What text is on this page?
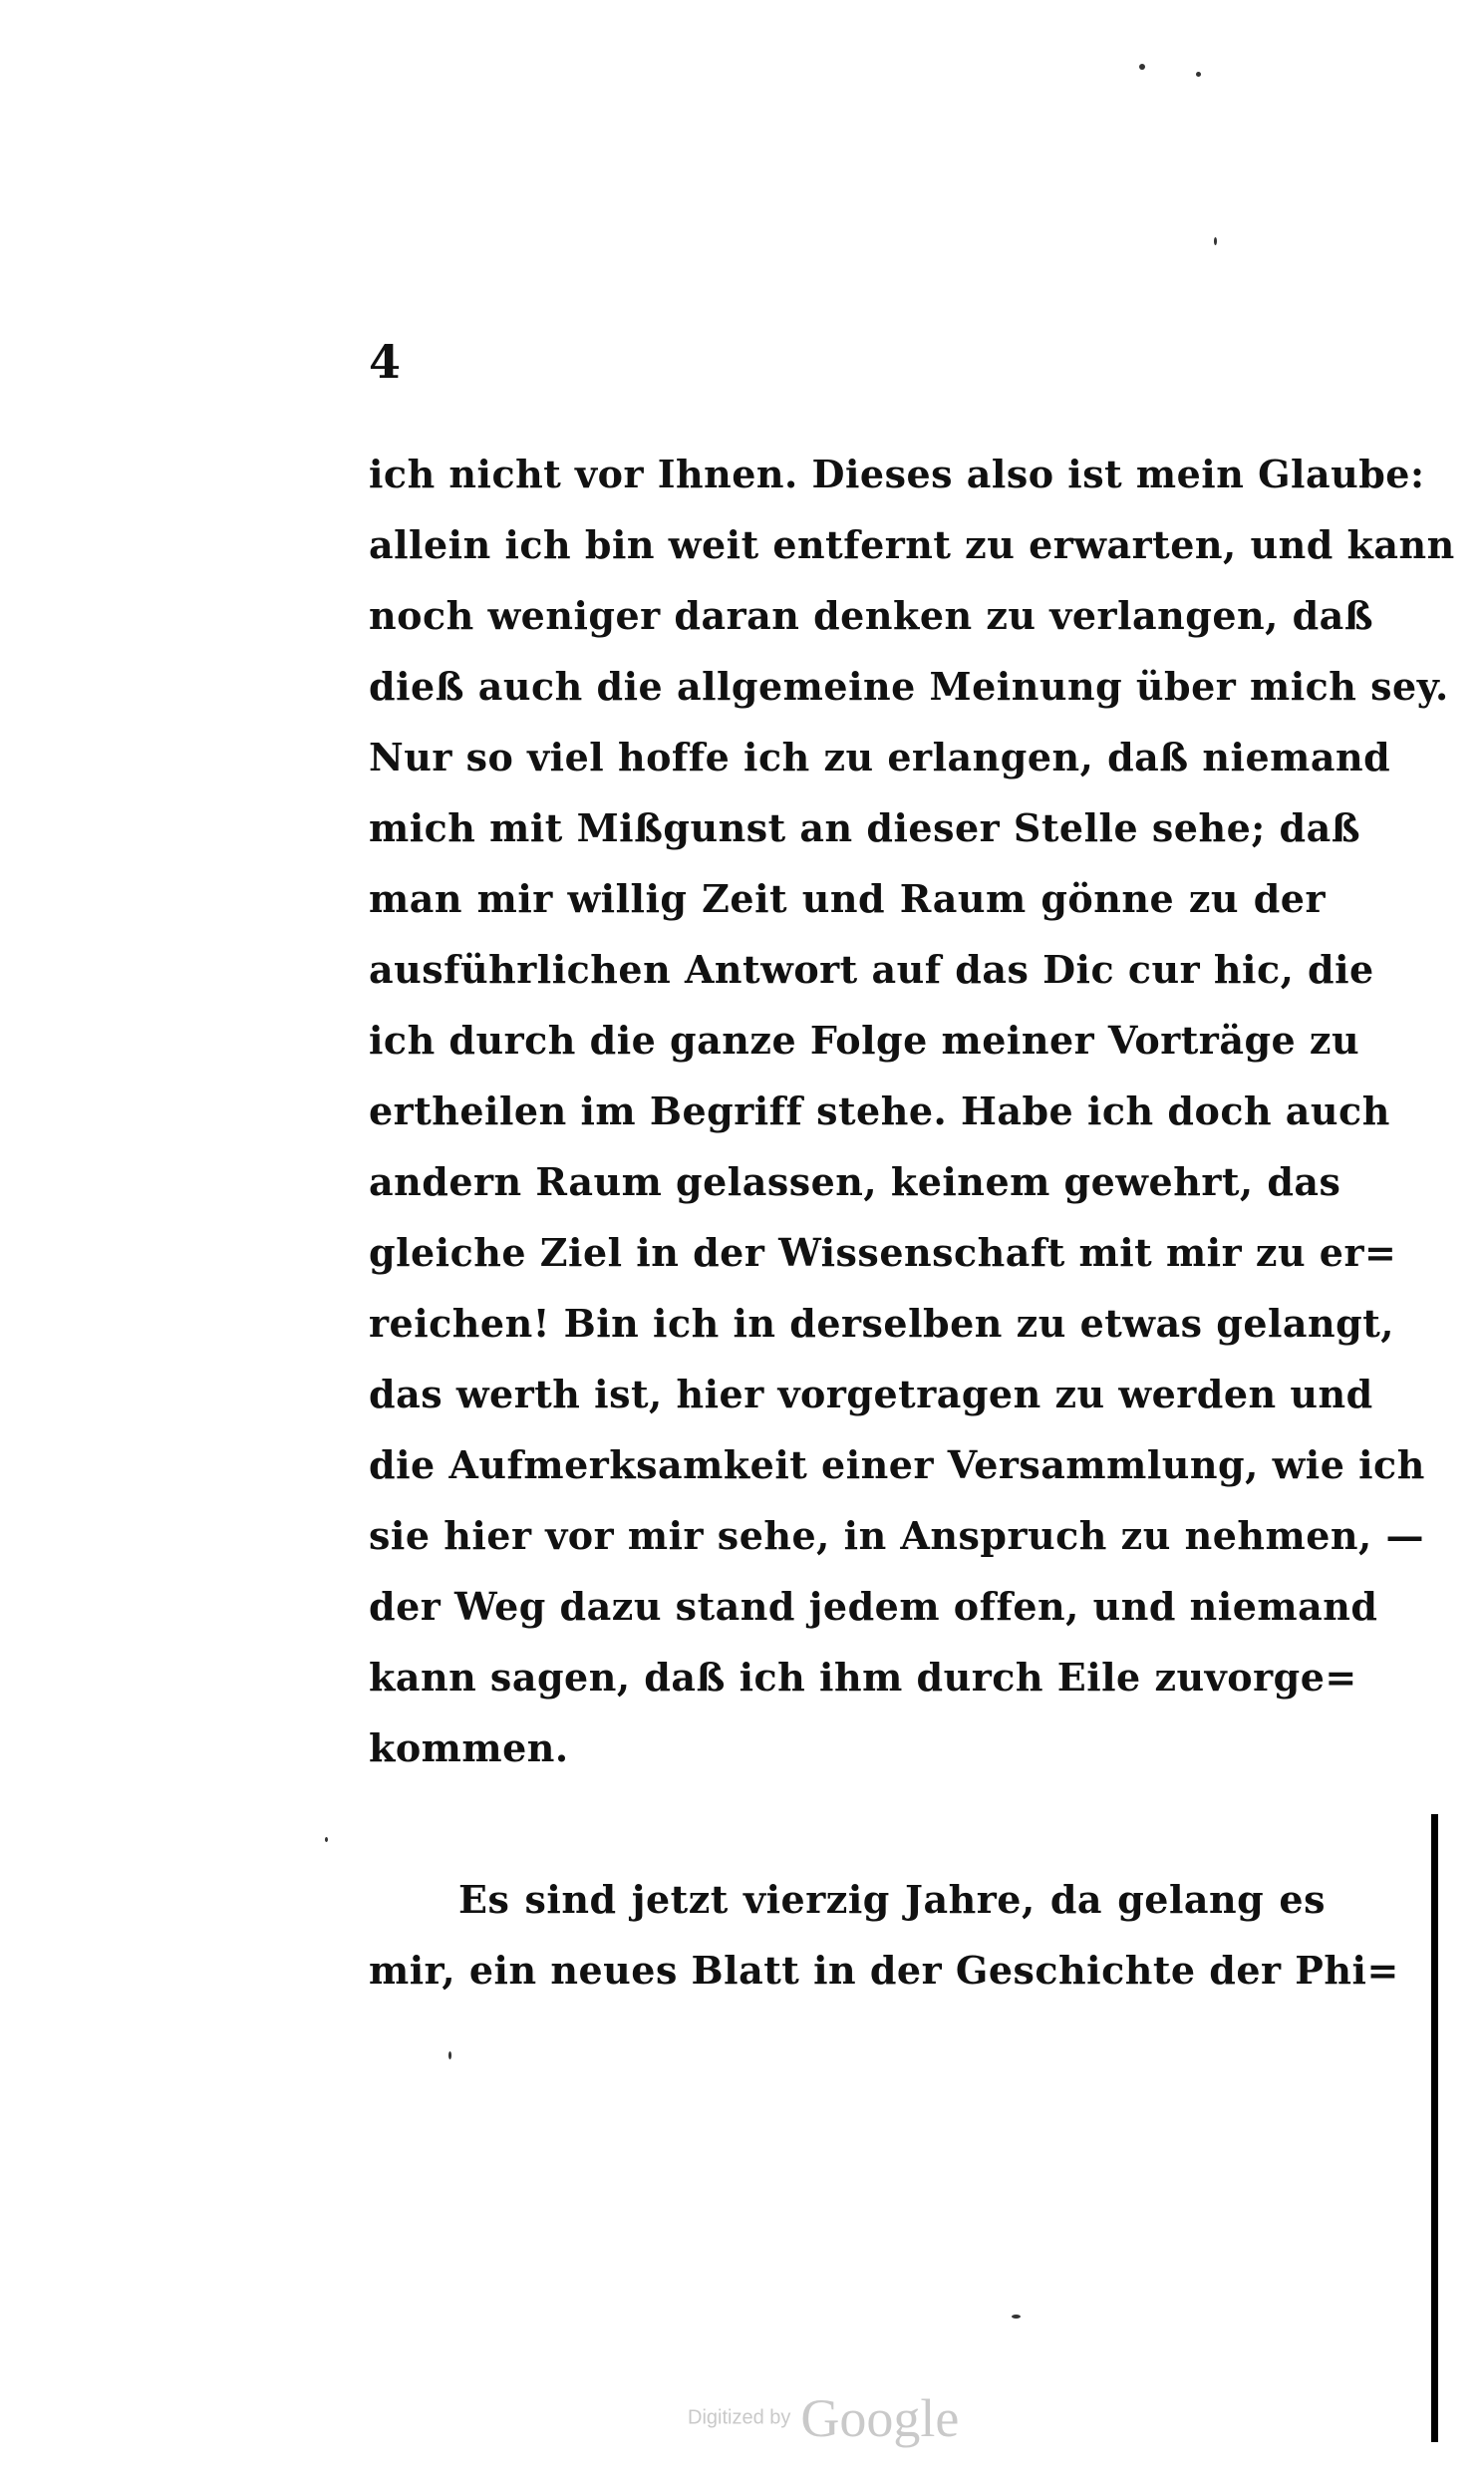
4
ich nicht vor Ihnen. Dieses also ist mein Glaube:
allein ich bin weit entfernt zu erwarten, und kann
noch weniger daran denken zu verlangen, daß
dieß auch die allgemeine Meinung über mich sey.
Nur so viel hoffe ich zu erlangen, daß niemand
mich mit Mißgunst an dieser Stelle sehe; daß
man mir willig Zeit und Raum gönne zu der
ausführlichen Antwort auf das Dic cur hic, die
ich durch die ganze Folge meiner Vorträge zu
ertheilen im Begriff stehe. Habe ich doch auch
andern Raum gelassen, keinem gewehrt, das
gleiche Ziel in der Wissenschaft mit mir zu er=
reichen! Bin ich in derselben zu etwas gelangt,
das werth ist, hier vorgetragen zu werden und
die Aufmerksamkeit einer Versammlung, wie ich
sie hier vor mir sehe, in Anspruch zu nehmen, —
der Weg dazu stand jedem offen, und niemand
kann sagen, daß ich ihm durch Eile zuvorge=
kommen.
Es sind jetzt vierzig Jahre, da gelang es
mir, ein neues Blatt in der Geschichte der Phi=
Digitized by Google
